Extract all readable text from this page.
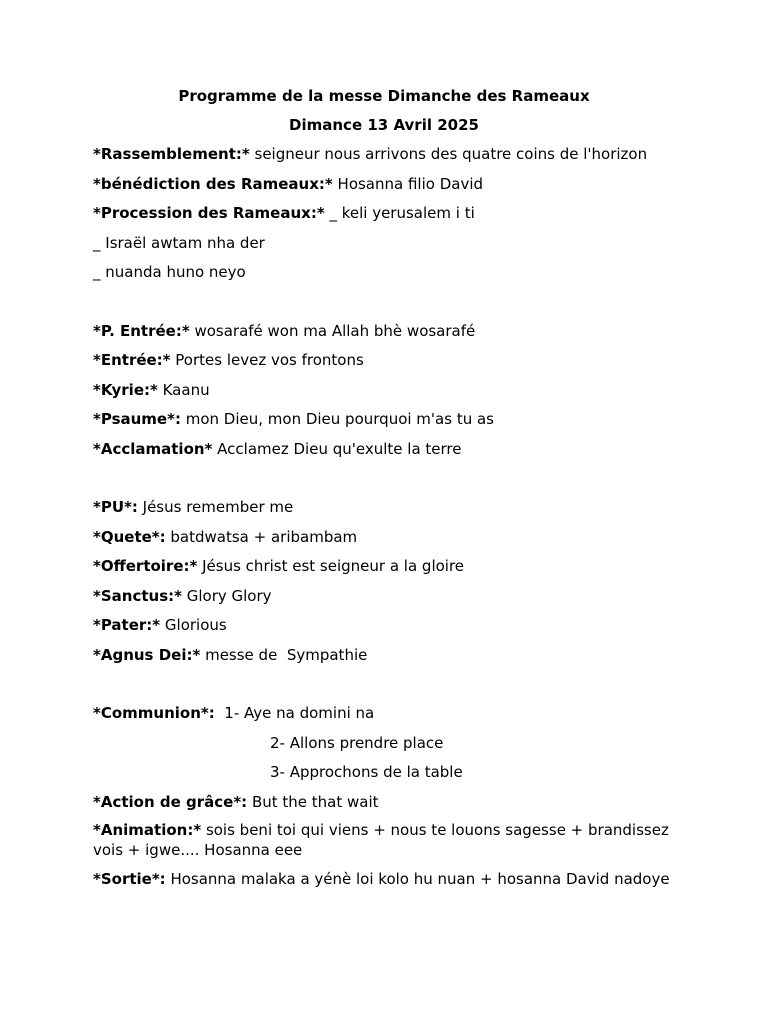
Programme de la messe Dimanche des Rameaux
Dimance 13 Avril 2025
*Rassemblement:* seigneur nous arrivons des quatre coins de l'horizon
*bénédiction des Rameaux:* Hosanna filio David
*Procession des Rameaux:* _ keli yerusalem i ti
_ Israël awtam nha der
_ nuanda huno neyo
*P. Entrée:* wosarafé won ma Allah bhè wosarafé
*Entrée:* Portes levez vos frontons
*Kyrie:* Kaanu
*Psaume*: mon Dieu, mon Dieu pourquoi m'as tu as
*Acclamation* Acclamez Dieu qu'exulte la terre
*PU*: Jésus remember me
*Quete*: batdwatsa + aribambam
*Offertoire:* Jésus christ est seigneur a la gloire
*Sanctus:* Glory Glory
*Pater:* Glorious
*Agnus Dei:* messe de  Sympathie
*Communion*:  1- Aye na domini na
2- Allons prendre place
3- Approchons de la table
*Action de grâce*: But the that wait
*Animation:* sois beni toi qui viens + nous te louons sagesse + brandissez vois + igwe.... Hosanna eee
*Sortie*: Hosanna malaka a yénè loi kolo hu nuan + hosanna David nadoye
